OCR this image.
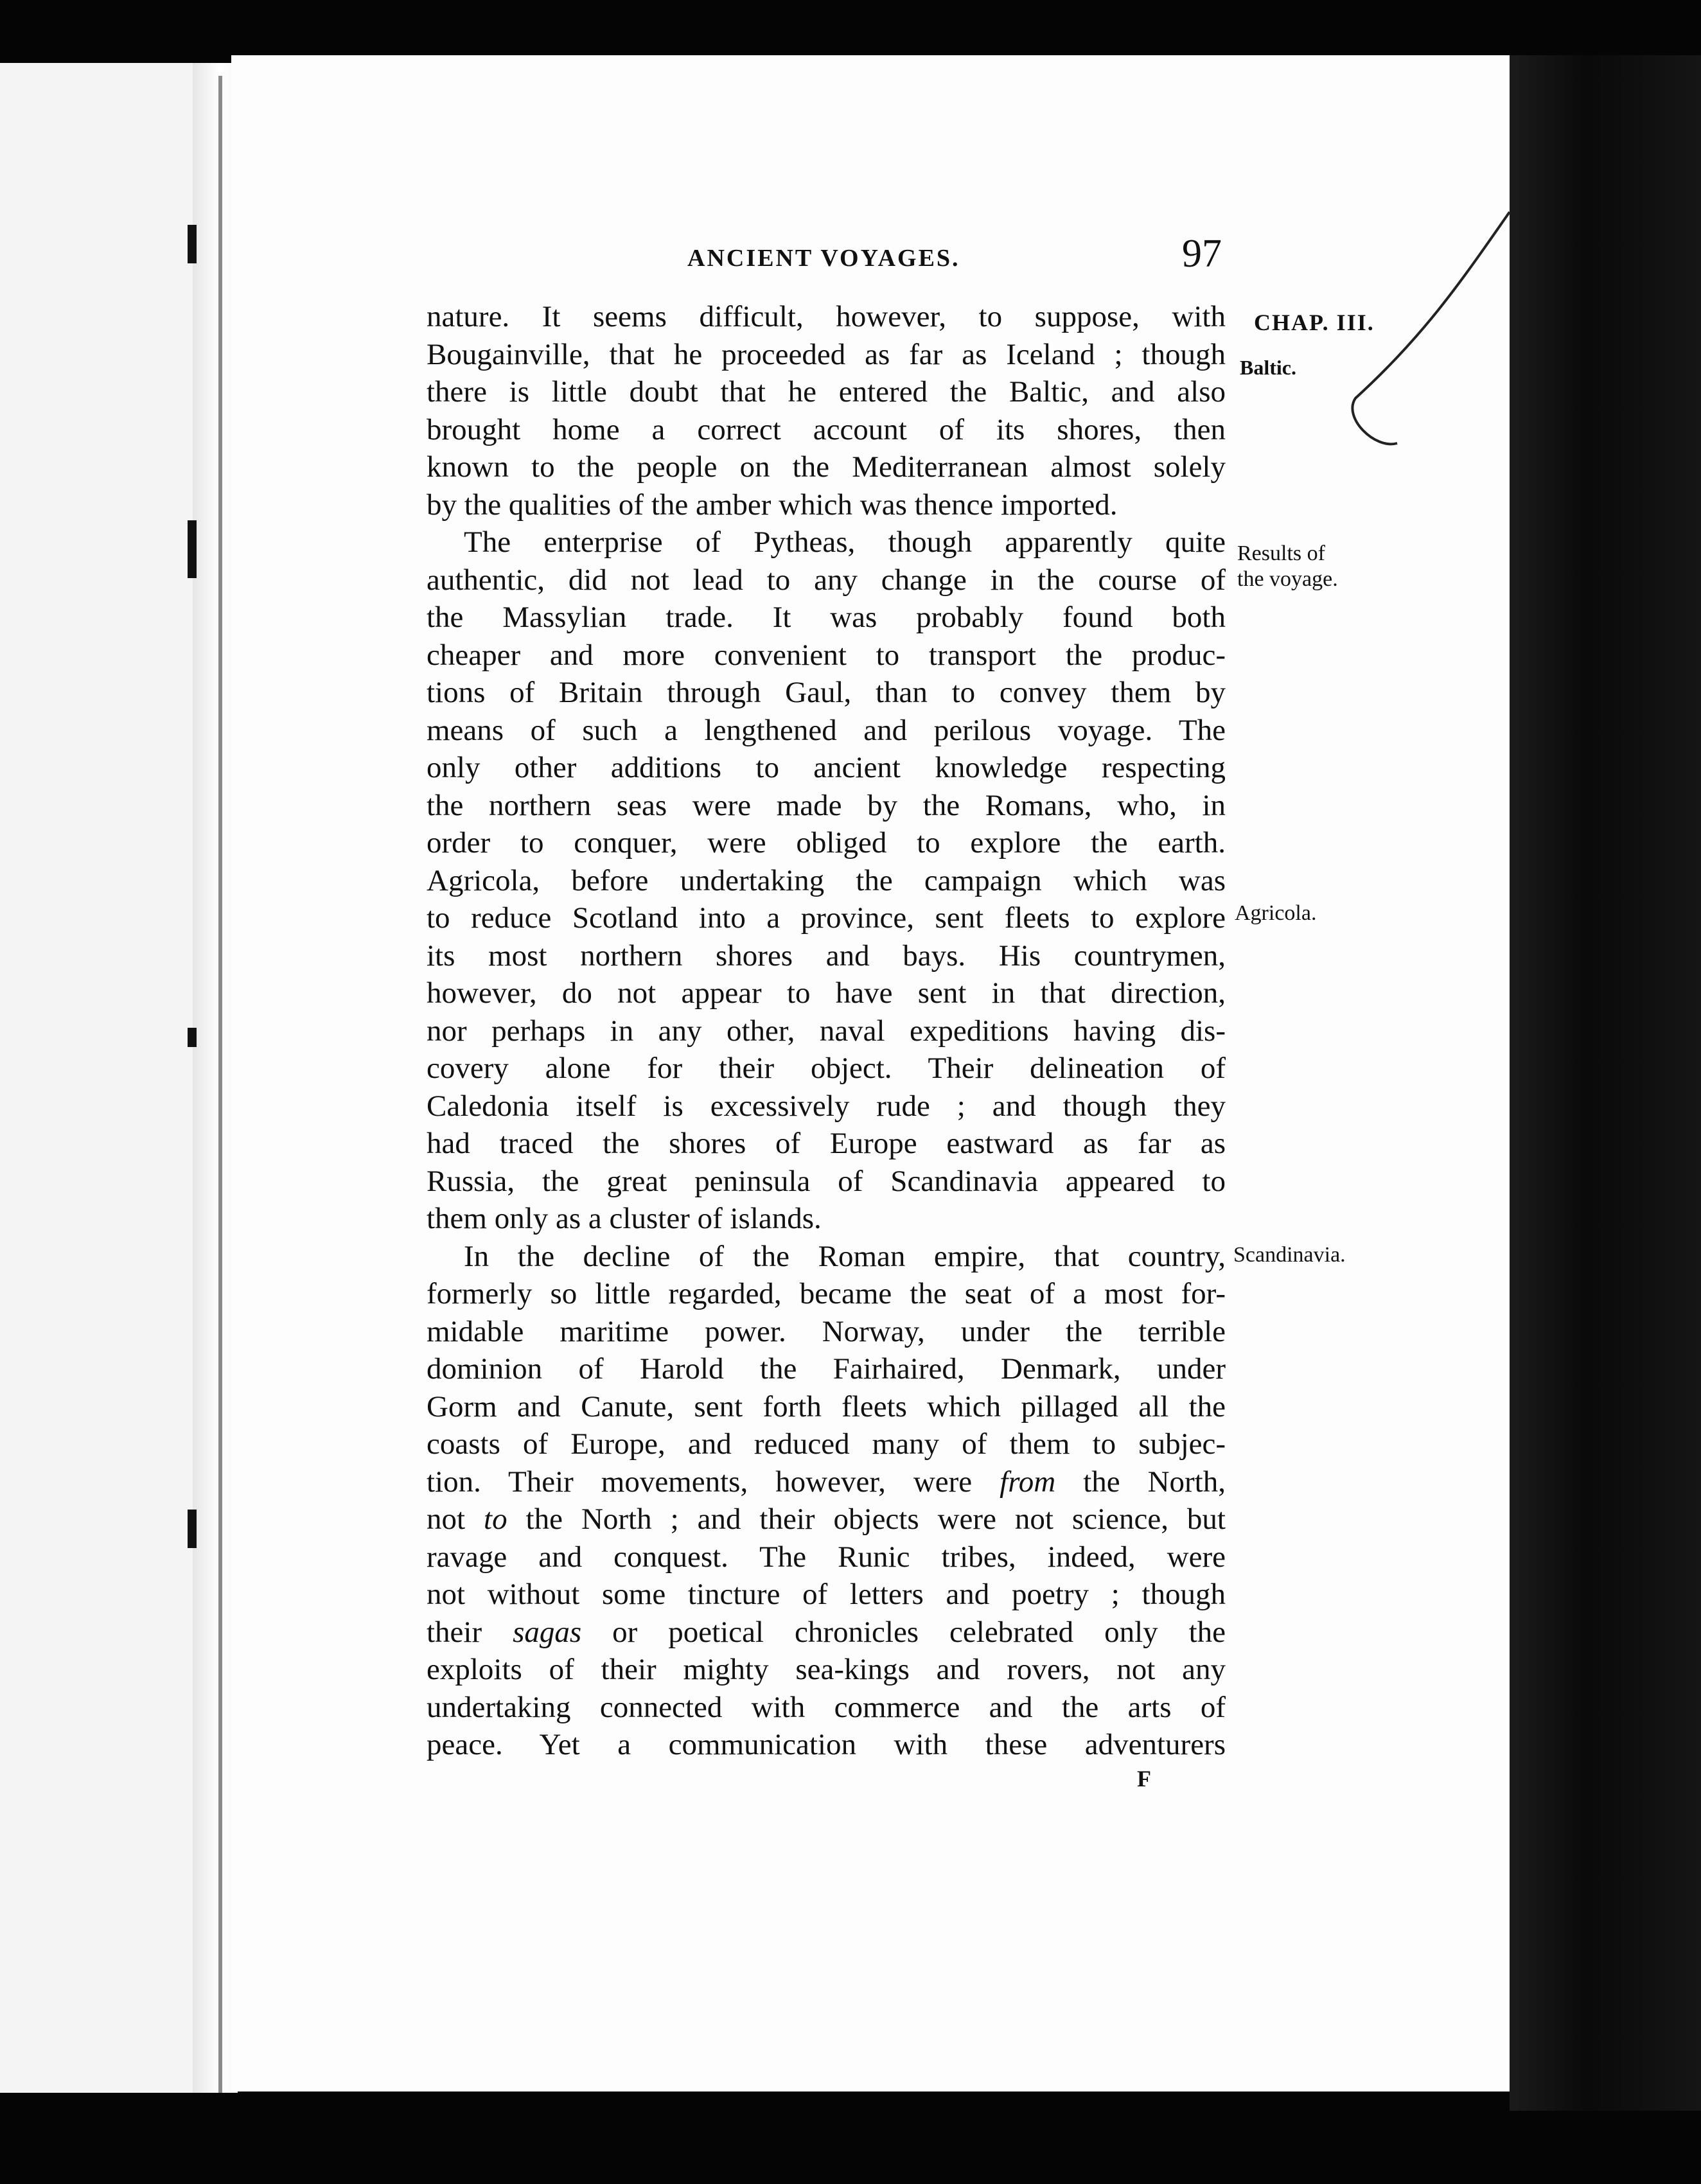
ANCIENT VOYAGES.	97
nature. It seems difficult, however, to suppose, with
Bougainville, that he proceeded as far as Iceland ; though
there is little doubt that he entered the Baltic, and also
brought home a correct account of its shores, then
known to the people on the Mediterranean almost solely
by the qualities of the amber which was thence imported.
The enterprise of Pytheas, though apparently quite
authentic, did not lead to any change in the course of
the Massylian trade. It was probably found both
cheaper and more convenient to transport the produc-
tions of Britain through Gaul, than to convey them by
means of such a lengthened and perilous voyage. The
only other additions to ancient knowledge respecting
the northern seas were made by the Romans, who, in
order to conquer, were obliged to explore the earth.
Agricola, before undertaking the campaign which was
to reduce Scotland into a province, sent fleets to explore
its most northern shores and bays. His countrymen,
however, do not appear to have sent in that direction,
nor perhaps in any other, naval expeditions having dis-
covery alone for their object. Their delineation of
Caledonia itself is excessively rude ; and though they
had traced the shores of Europe eastward as far as
Russia, the great peninsula of Scandinavia appeared to
them only as a cluster of islands.
In the decline of the Roman empire, that country,
formerly so little regarded, became the seat of a most for-
midable maritime power. Norway, under the terrible
dominion of Harold the Fairhaired, Denmark, under
Gorm and Canute, sent forth fleets which pillaged all the
coasts of Europe, and reduced many of them to subjec-
tion. Their movements, however, were from the North,
not to the North ; and their objects were not science, but
ravage and conquest. The Runic tribes, indeed, were
not without some tincture of letters and poetry ; though
their sagas or poetical chronicles celebrated only the
exploits of their mighty sea-kings and rovers, not any
undertaking connected with commerce and the arts of
peace. Yet a communication with these adventurers
CHAP. III.
Baltic.
Results of
the voyage.
Agricola.
Scandinavia.
F
